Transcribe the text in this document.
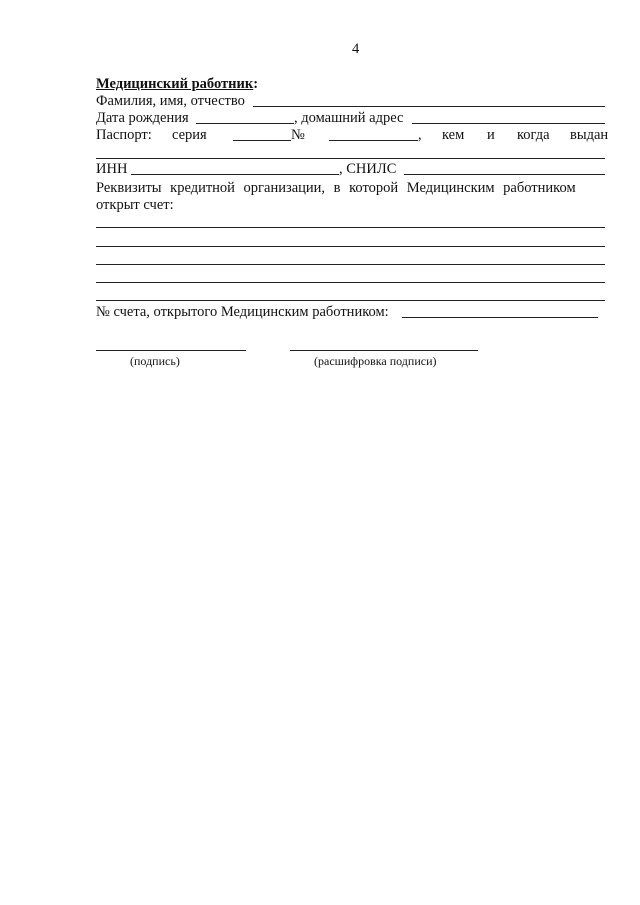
4
Медицинский работник:
Фамилия, имя, отчество
Дата рождения	, домашний адрес
Паспорт: серия	№	, кем и когда выдан
ИНН	, СНИЛС
Реквизиты кредитной организации, в которой Медицинским работником
открыт счет:
№ счета, открытого Медицинским работником:
(подпись)	(расшифровка подписи)
